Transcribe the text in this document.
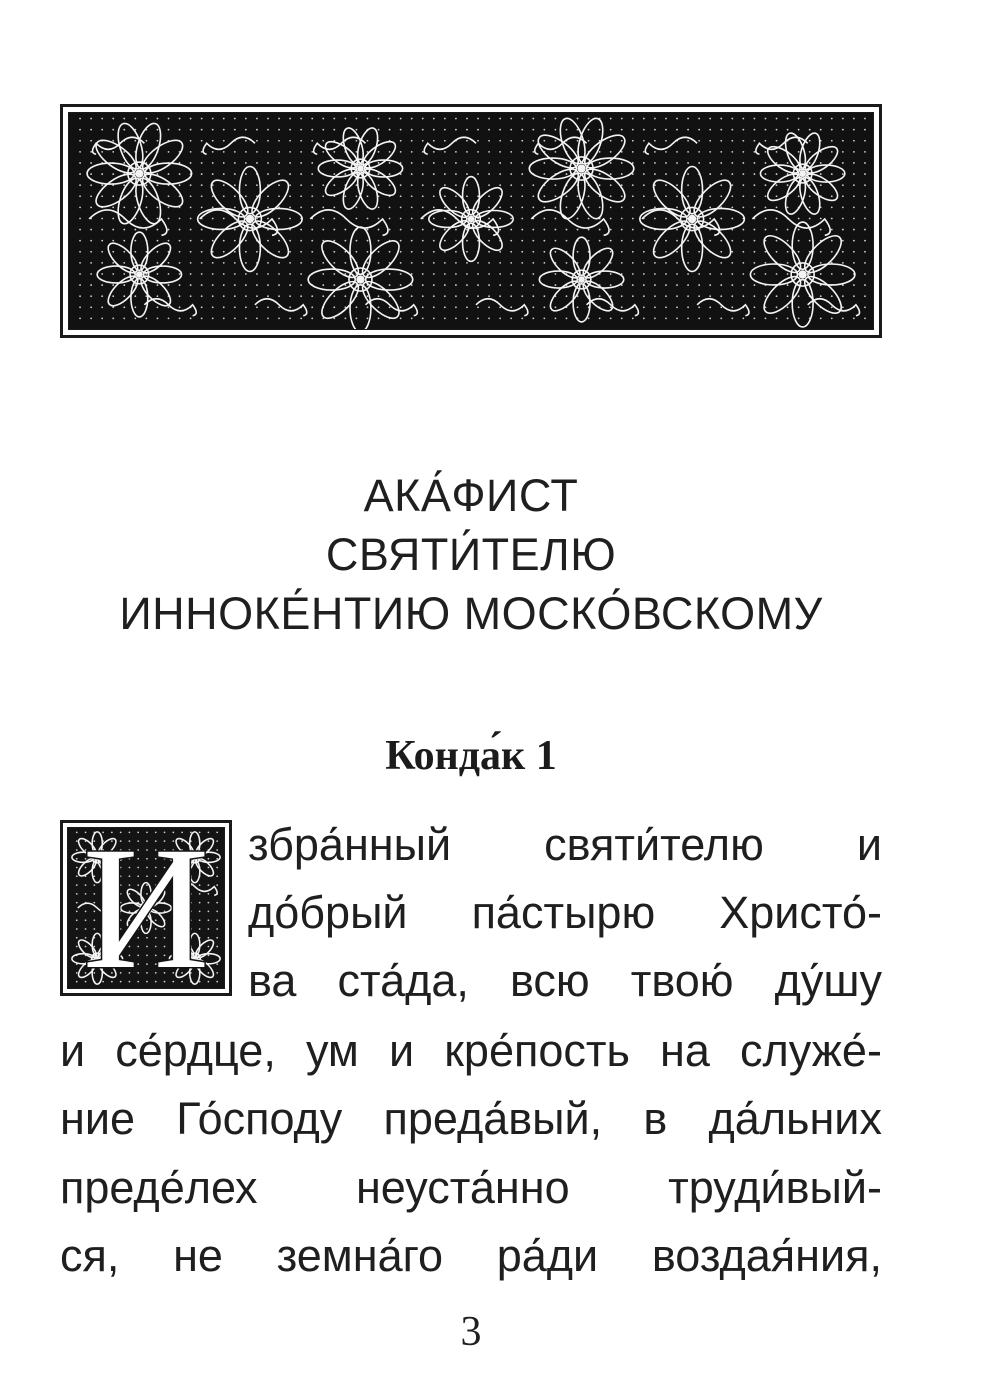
АКА́ФИСТ
СВЯТИ́ТЕЛЮ
ИННОКЕ́НТИЮ МОСКО́ВСКОМУ
Конда́к 1
И збра́нный святи́телю и
до́брый па́стырю Христо́-
ва ста́да, всю твою́ ду́шу
и се́рдце, ум и кре́пость на служе́-
ние Го́споду преда́вый, в да́льних
преде́лех неуста́нно труди́вый-
ся, не земна́го ра́ди воздая́ния,
3
